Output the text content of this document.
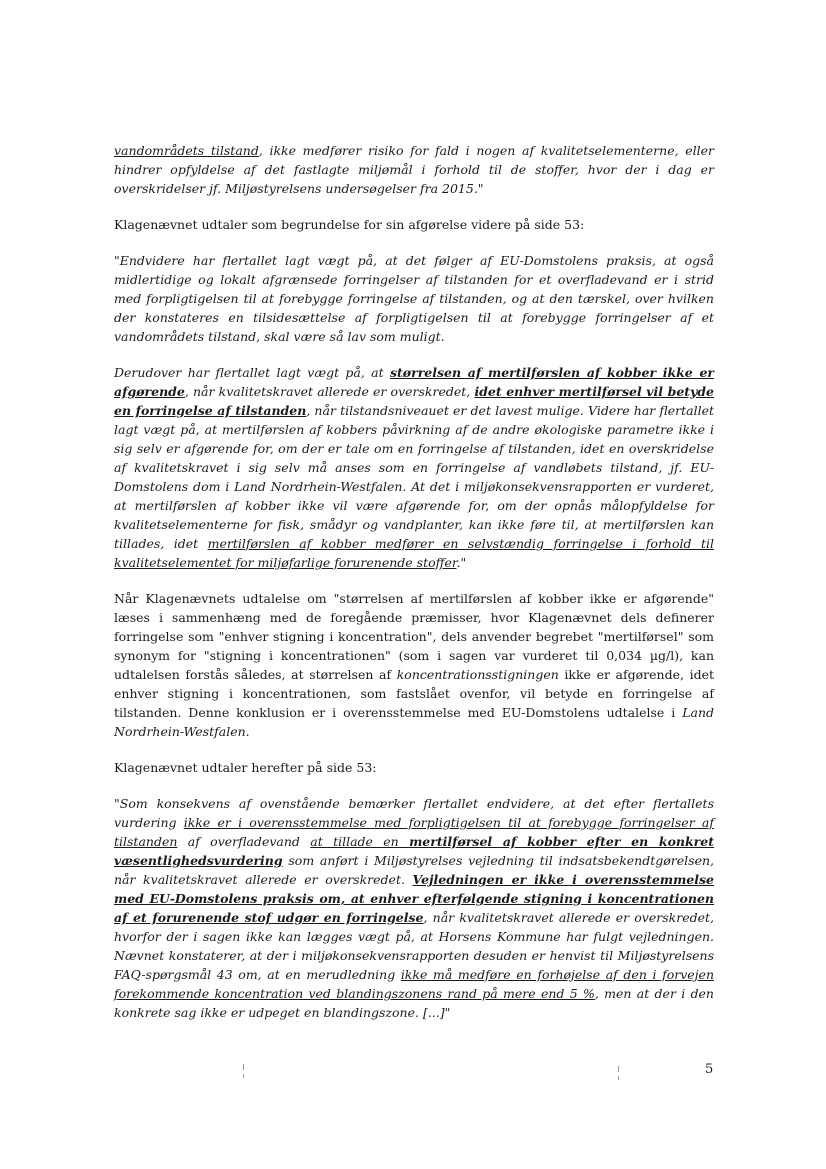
vandområdets tilstand, ikke medfører risiko for fald i nogen af kvalitetselementerne, eller hindrer opfyldelse af det fastlagte miljømål i forhold til de stoffer, hvor der i dag er overskridelser jf. Miljøstyrelsens undersøgelser fra 2015."

Klagenævnet udtaler som begrundelse for sin afgørelse videre på side 53:

"Endvidere har flertallet lagt vægt på, at det følger af EU-Domstolens praksis, at også midlertidige og lokalt afgrænsede forringelser af tilstanden for et overfladevand er i strid med forpligtigelsen til at forebygge forringelse af tilstanden, og at den tærskel, over hvilken der konstateres en tilsidesættelse af forpligtigelsen til at forebygge forringelser af et vandområdets tilstand, skal være så lav som muligt.

Derudover har flertallet lagt vægt på, at størrelsen af mertilførslen af kobber ikke er afgørende, når kvalitetskravet allerede er overskredet, idet enhver mertilførsel vil betyde en forringelse af tilstanden, når tilstandsniveauet er det lavest mulige. Videre har flertallet lagt vægt på, at mertilførslen af kobbers påvirkning af de andre økologiske parametre ikke i sig selv er afgørende for, om der er tale om en forringelse af tilstanden, idet en overskridelse af kvalitetskravet i sig selv må anses som en forringelse af vandløbets tilstand, jf. EU-Domstolens dom i Land Nordrhein-Westfalen. At det i miljøkonsekvensrapporten er vurderet, at mertilførslen af kobber ikke vil være afgørende for, om der opnås målopfyldelse for kvalitetselementerne for fisk, smådyr og vandplanter, kan ikke føre til, at mertilførslen kan tillades, idet mertilførslen af kobber medfører en selvstændig forringelse i forhold til kvalitetselementet for miljøfarlige forurenende stoffer."

Når Klagenævnets udtalelse om "størrelsen af mertilførslen af kobber ikke er afgørende" læses i sammenhæng med de foregående præmisser, hvor Klagenævnet dels definerer forringelse som "enhver stigning i koncentration", dels anvender begrebet "mertilførsel" som synonym for "stigning i koncentrationen" (som i sagen var vurderet til 0,034 µg/l), kan udtalelsen forstås således, at størrelsen af koncentrationsstigningen ikke er afgørende, idet enhver stigning i koncentrationen, som fastslået ovenfor, vil betyde en forringelse af tilstanden. Denne konklusion er i overensstemmelse med EU-Domstolens udtalelse i Land Nordrhein-Westfalen.

Klagenævnet udtaler herefter på side 53:

"Som konsekvens af ovenstående bemærker flertallet endvidere, at det efter flertallets vurdering ikke er i overensstemmelse med forpligtigelsen til at forebygge forringelser af tilstanden af overfladevand at tillade en mertilførsel af kobber efter en konkret væsentlighedsvurdering som anført i Miljøstyrelses vejledning til indsatsbekendtgørelsen, når kvalitetskravet allerede er overskredet. Vejledningen er ikke i overensstemmelse med EU-Domstolens praksis om, at enhver efterfølgende stigning i koncentrationen af et forurenende stof udgør en forringelse, når kvalitetskravet allerede er overskredet, hvorfor der i sagen ikke kan lægges vægt på, at Horsens Kommune har fulgt vejledningen. Nævnet konstaterer, at der i miljøkonsekvensrapporten desuden er henvist til Miljøstyrelsens FAQ-spørgsmål 43 om, at en merudledning ikke må medføre en forhøjelse af den i forvejen forekommende koncentration ved blandingszonens rand på mere end 5 %, men at der i den konkrete sag ikke er udpeget en blandingszone. [...]"

5
